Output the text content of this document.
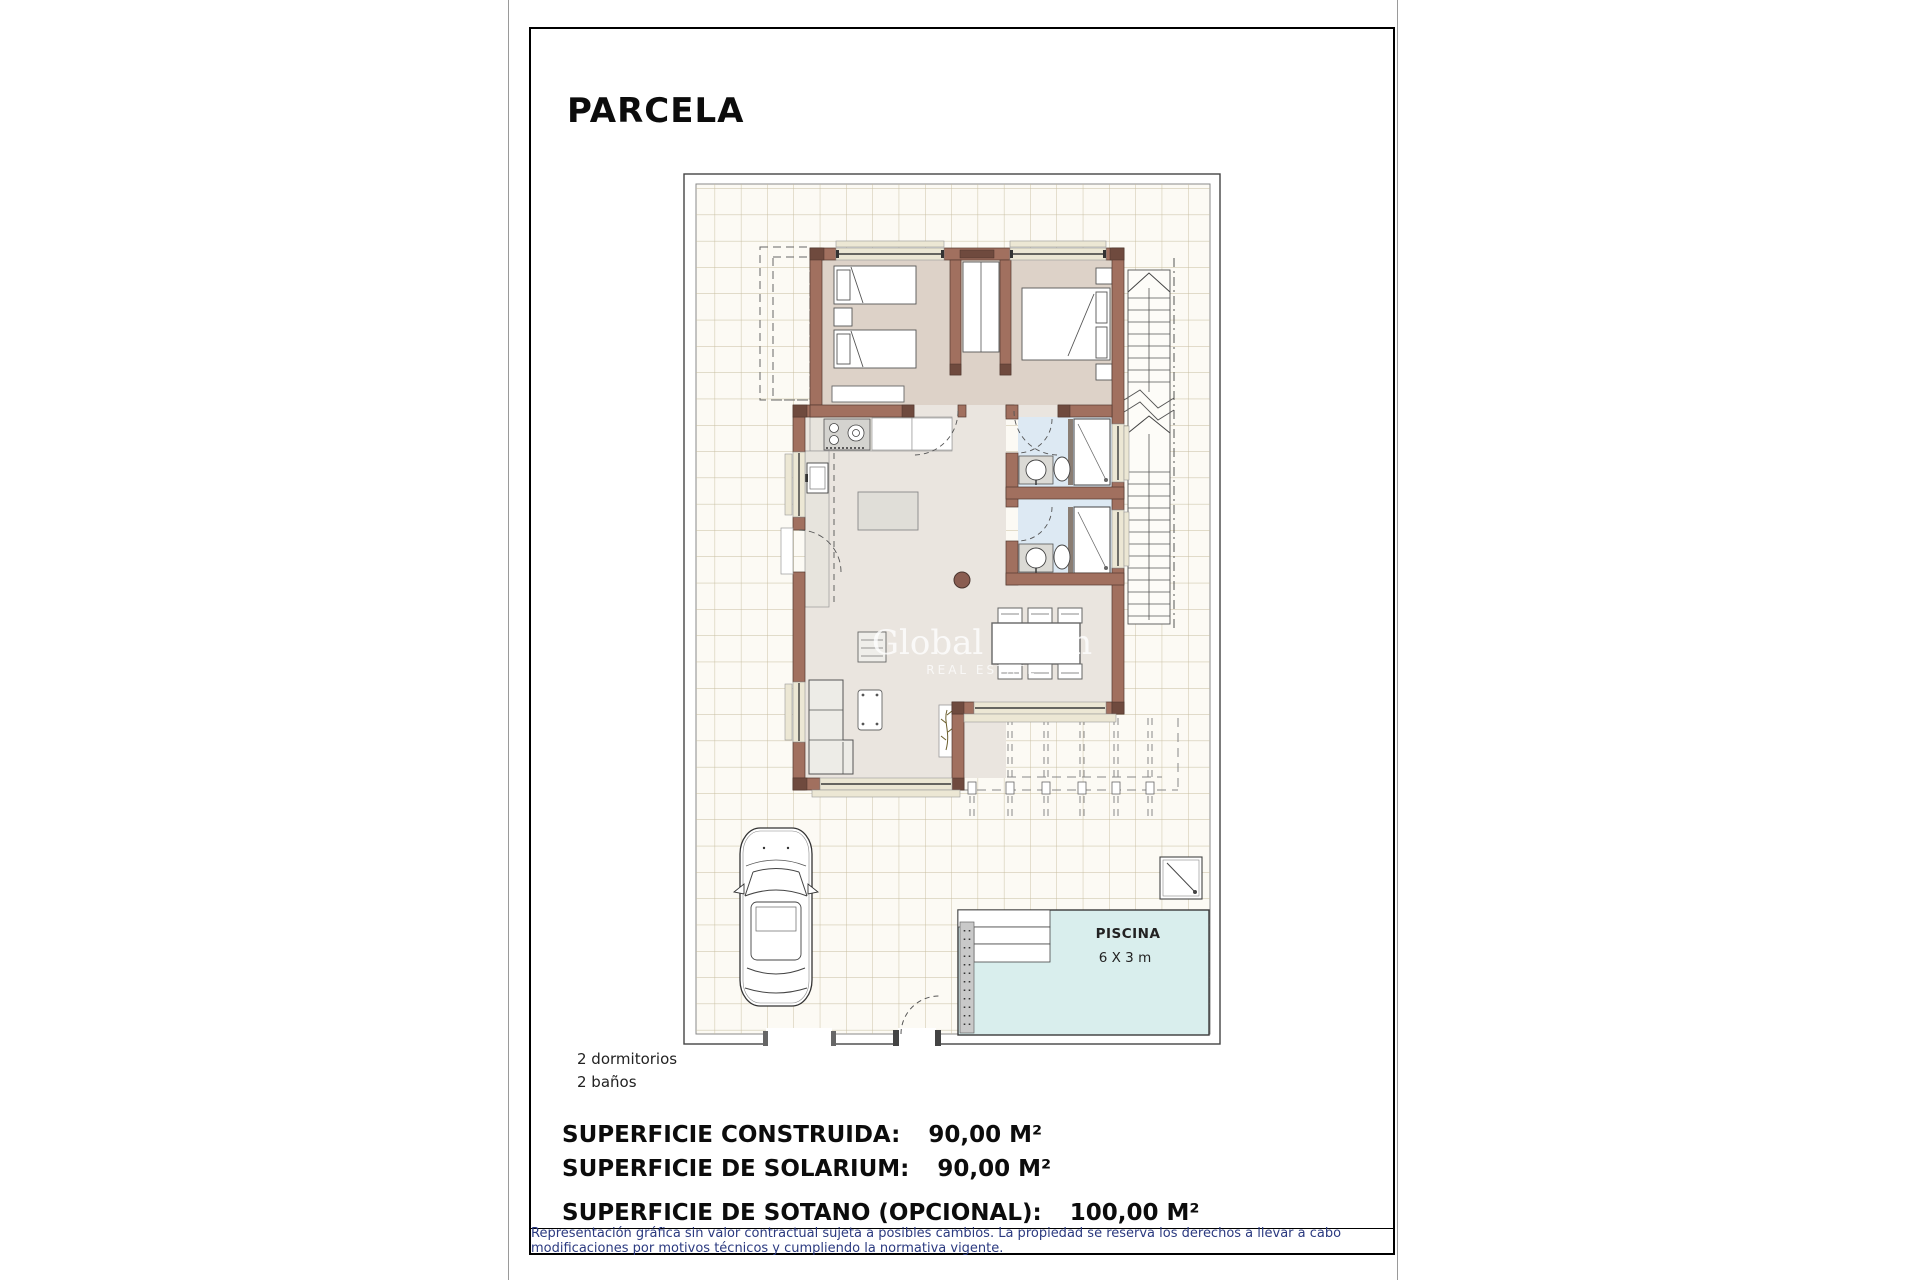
PARCELA
Global Spain
REAL ESTATE
PISCINA
6 X 3 m
2 dormitorios
2 baños
SUPERFICIE CONSTRUIDA: 90,00 M²
SUPERFICIE DE SOLARIUM: 90,00 M²
SUPERFICIE DE SOTANO (OPCIONAL): 100,00 M²
Representación gráfica sin valor contractual sujeta a posibles cambios. La propiedad se reserva los derechos a llevar a cabo modificaciones por motivos técnicos y cumpliendo la normativa vigente.
